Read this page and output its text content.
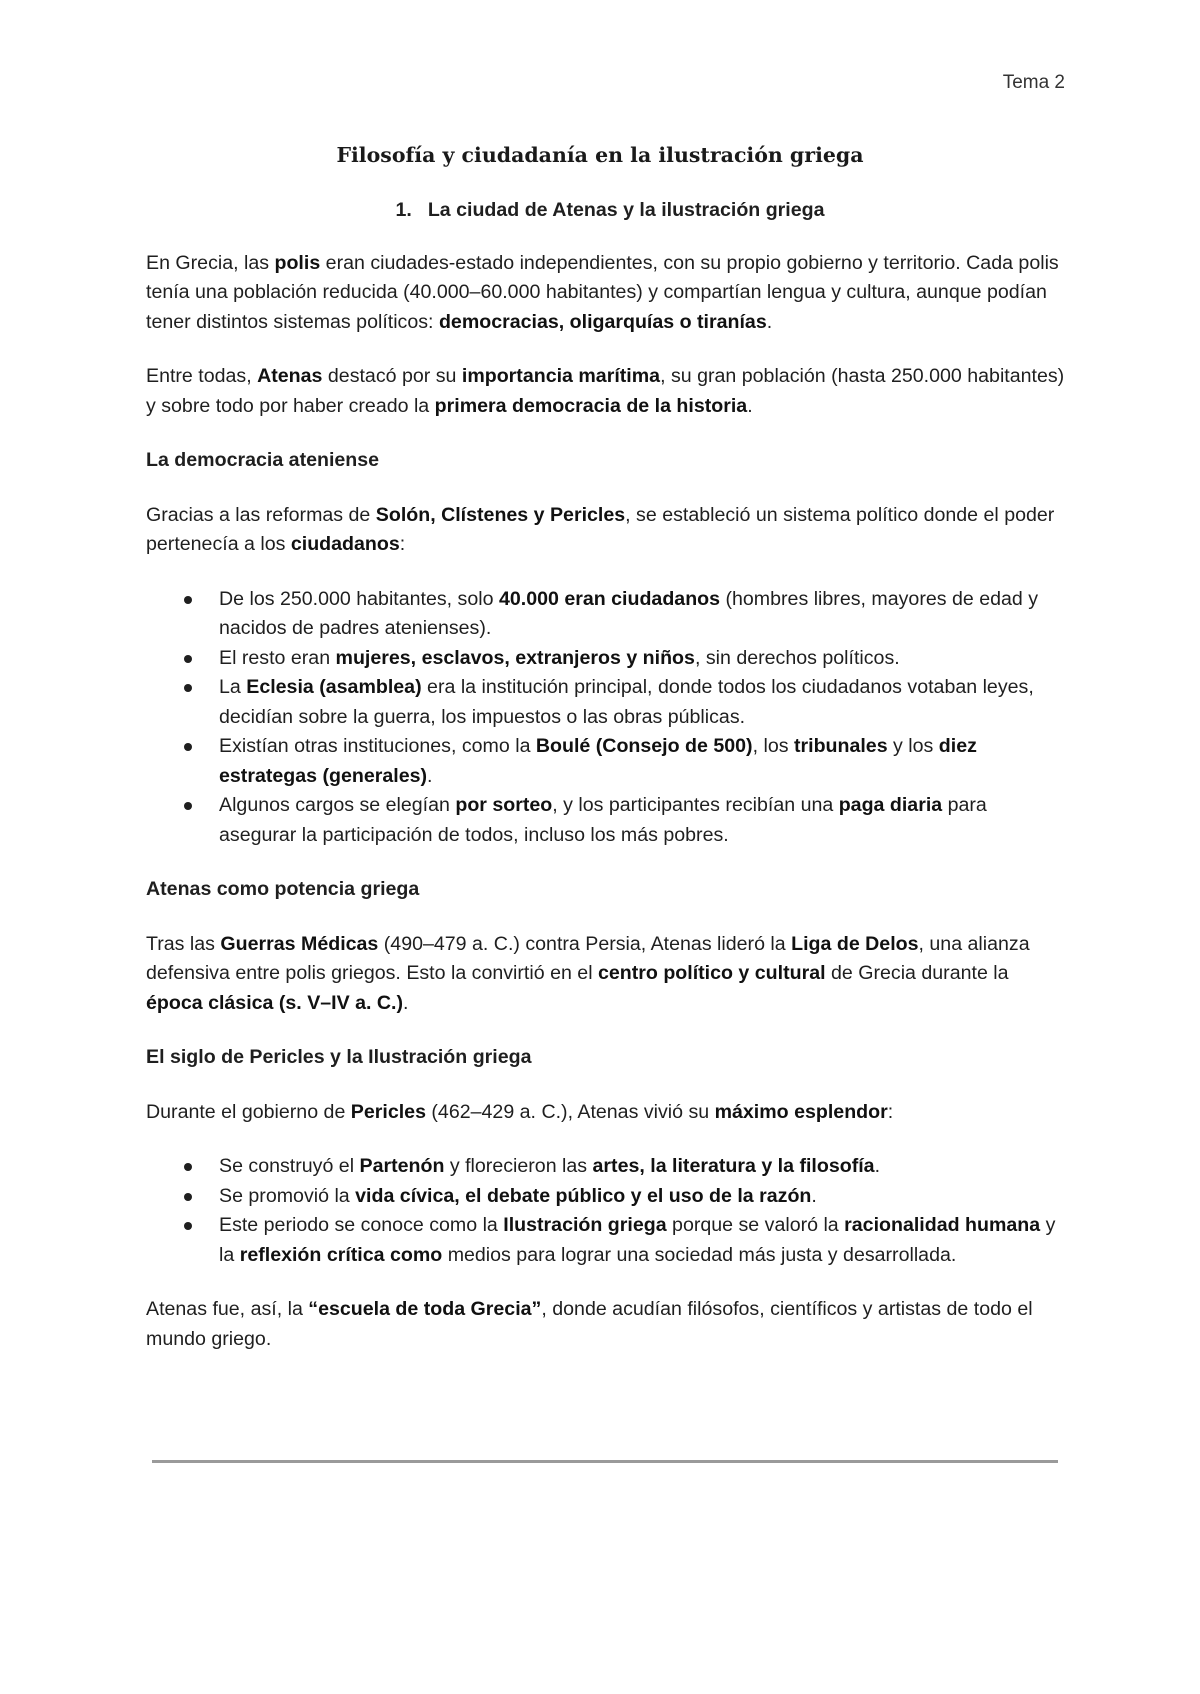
Tema 2
Filosofía y ciudadanía en la ilustración griega
1. La ciudad de Atenas y la ilustración griega

En Grecia, las polis eran ciudades-estado independientes, con su propio gobierno y territorio. Cada polis tenía una población reducida (40.000–60.000 habitantes) y compartían lengua y cultura, aunque podían tener distintos sistemas políticos: democracias, oligarquías o tiranías.

Entre todas, Atenas destacó por su importancia marítima, su gran población (hasta 250.000 habitantes) y sobre todo por haber creado la primera democracia de la historia.

La democracia ateniense

Gracias a las reformas de Solón, Clístenes y Pericles, se estableció un sistema político donde el poder pertenecía a los ciudadanos:

De los 250.000 habitantes, solo 40.000 eran ciudadanos (hombres libres, mayores de edad y nacidos de padres atenienses).
El resto eran mujeres, esclavos, extranjeros y niños, sin derechos políticos.
La Eclesia (asamblea) era la institución principal, donde todos los ciudadanos votaban leyes, decidían sobre la guerra, los impuestos o las obras públicas.
Existían otras instituciones, como la Boulé (Consejo de 500), los tribunales y los diez estrategas (generales).
Algunos cargos se elegían por sorteo, y los participantes recibían una paga diaria para asegurar la participación de todos, incluso los más pobres.
Atenas como potencia griega

Tras las Guerras Médicas (490–479 a. C.) contra Persia, Atenas lideró la Liga de Delos, una alianza defensiva entre polis griegos. Esto la convirtió en el centro político y cultural de Grecia durante la época clásica (s. V–IV a. C.).

El siglo de Pericles y la Ilustración griega

Durante el gobierno de Pericles (462–429 a. C.), Atenas vivió su máximo esplendor:

Se construyó el Partenón y florecieron las artes, la literatura y la filosofía.
Se promovió la vida cívica, el debate público y el uso de la razón.
Este periodo se conoce como la Ilustración griega porque se valoró la racionalidad humana y la reflexión crítica como medios para lograr una sociedad más justa y desarrollada.

Atenas fue, así, la “escuela de toda Grecia”, donde acudían filósofos, científicos y artistas de todo el mundo griego.
